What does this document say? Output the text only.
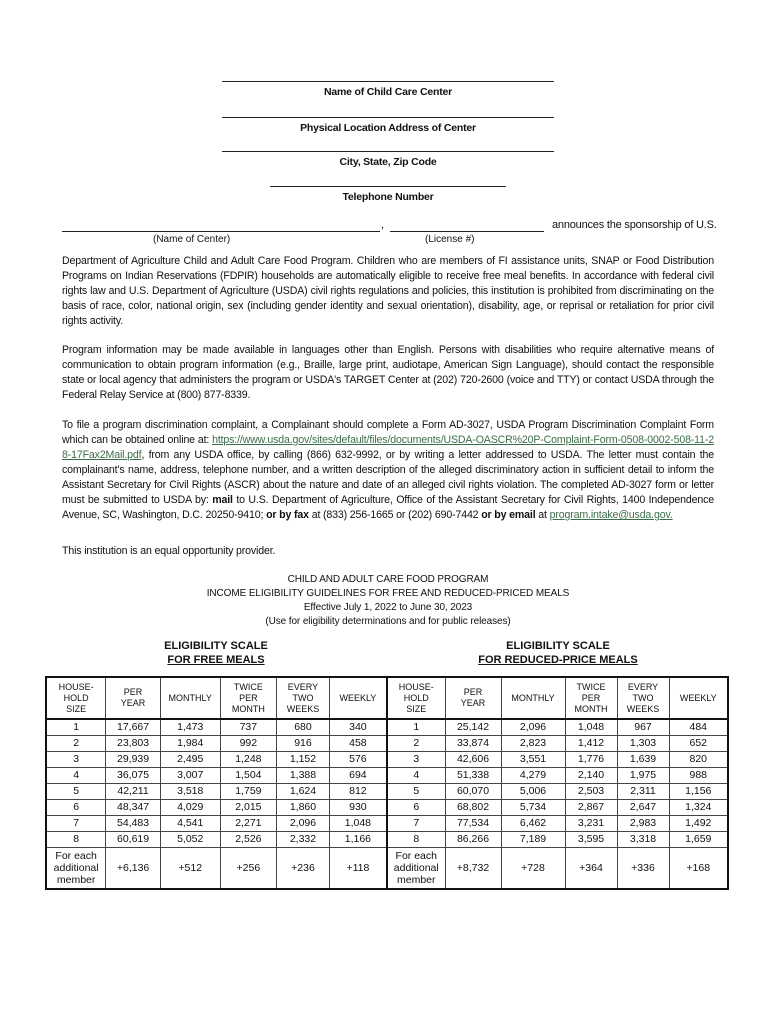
Name of Child Care Center
Physical Location Address of Center
City, State, Zip Code
Telephone Number
,	announces the sponsorship of U.S.
(Name of Center)	(License #)
Department of Agriculture Child and Adult Care Food Program. Children who are members of FI assistance units, SNAP or Food Distribution Programs on Indian Reservations (FDPIR) households are automatically eligible to receive free meal benefits. In accordance with federal civil rights law and U.S. Department of Agriculture (USDA) civil rights regulations and policies, this institution is prohibited from discriminating on the basis of race, color, national origin, sex (including gender identity and sexual orientation), disability, age, or reprisal or retaliation for prior civil rights activity.
Program information may be made available in languages other than English. Persons with disabilities who require alternative means of communication to obtain program information (e.g., Braille, large print, audiotape, American Sign Language), should contact the responsible state or local agency that administers the program or USDA's TARGET Center at (202) 720-2600 (voice and TTY) or contact USDA through the Federal Relay Service at (800) 877-8339.
To file a program discrimination complaint, a Complainant should complete a Form AD-3027, USDA Program Discrimination Complaint Form which can be obtained online at: https://www.usda.gov/sites/default/files/documents/USDA-OASCR%20P-Complaint-Form-0508-0002-508-11-28-17Fax2Mail.pdf, from any USDA office, by calling (866) 632-9992, or by writing a letter addressed to USDA. The letter must contain the complainant's name, address, telephone number, and a written description of the alleged discriminatory action in sufficient detail to inform the Assistant Secretary for Civil Rights (ASCR) about the nature and date of an alleged civil rights violation. The completed AD-3027 form or letter must be submitted to USDA by: mail to U.S. Department of Agriculture, Office of the Assistant Secretary for Civil Rights, 1400 Independence Avenue, SC, Washington, D.C. 20250-9410; or by fax at (833) 256-1665 or (202) 690-7442 or by email at program.intake@usda.gov.
This institution is an equal opportunity provider.
CHILD AND ADULT CARE FOOD PROGRAM
INCOME ELIGIBILITY GUIDELINES FOR FREE AND REDUCED-PRICED MEALS
Effective July 1, 2022 to June 30, 2023
(Use for eligibility determinations and for public releases)
ELIGIBILITY SCALE
FOR FREE MEALS
ELIGIBILITY SCALE
FOR REDUCED-PRICE MEALS
HOUSE-
HOLD
SIZE	PER
YEAR	MONTHLY	TWICE
PER
MONTH	EVERY
TWO
WEEKS	WEEKLY
1	17,667	1,473	737	680	340
2	23,803	1,984	992	916	458
3	29,939	2,495	1,248	1,152	576
4	36,075	3,007	1,504	1,388	694
5	42,211	3,518	1,759	1,624	812
6	48,347	4,029	2,015	1,860	930
7	54,483	4,541	2,271	2,096	1,048
8	60,619	5,052	2,526	2,332	1,166
For each
additional
member	+6,136	+512	+256	+236	+118
HOUSE-
HOLD
SIZE	PER
YEAR	MONTHLY	TWICE
PER
MONTH	EVERY
TWO
WEEKS	WEEKLY
1	25,142	2,096	1,048	967	484
2	33,874	2,823	1,412	1,303	652
3	42,606	3,551	1,776	1,639	820
4	51,338	4,279	2,140	1,975	988
5	60,070	5,006	2,503	2,311	1,156
6	68,802	5,734	2,867	2,647	1,324
7	77,534	6,462	3,231	2,983	1,492
8	86,266	7,189	3,595	3,318	1,659
For each
additional
member	+8,732	+728	+364	+336	+168
